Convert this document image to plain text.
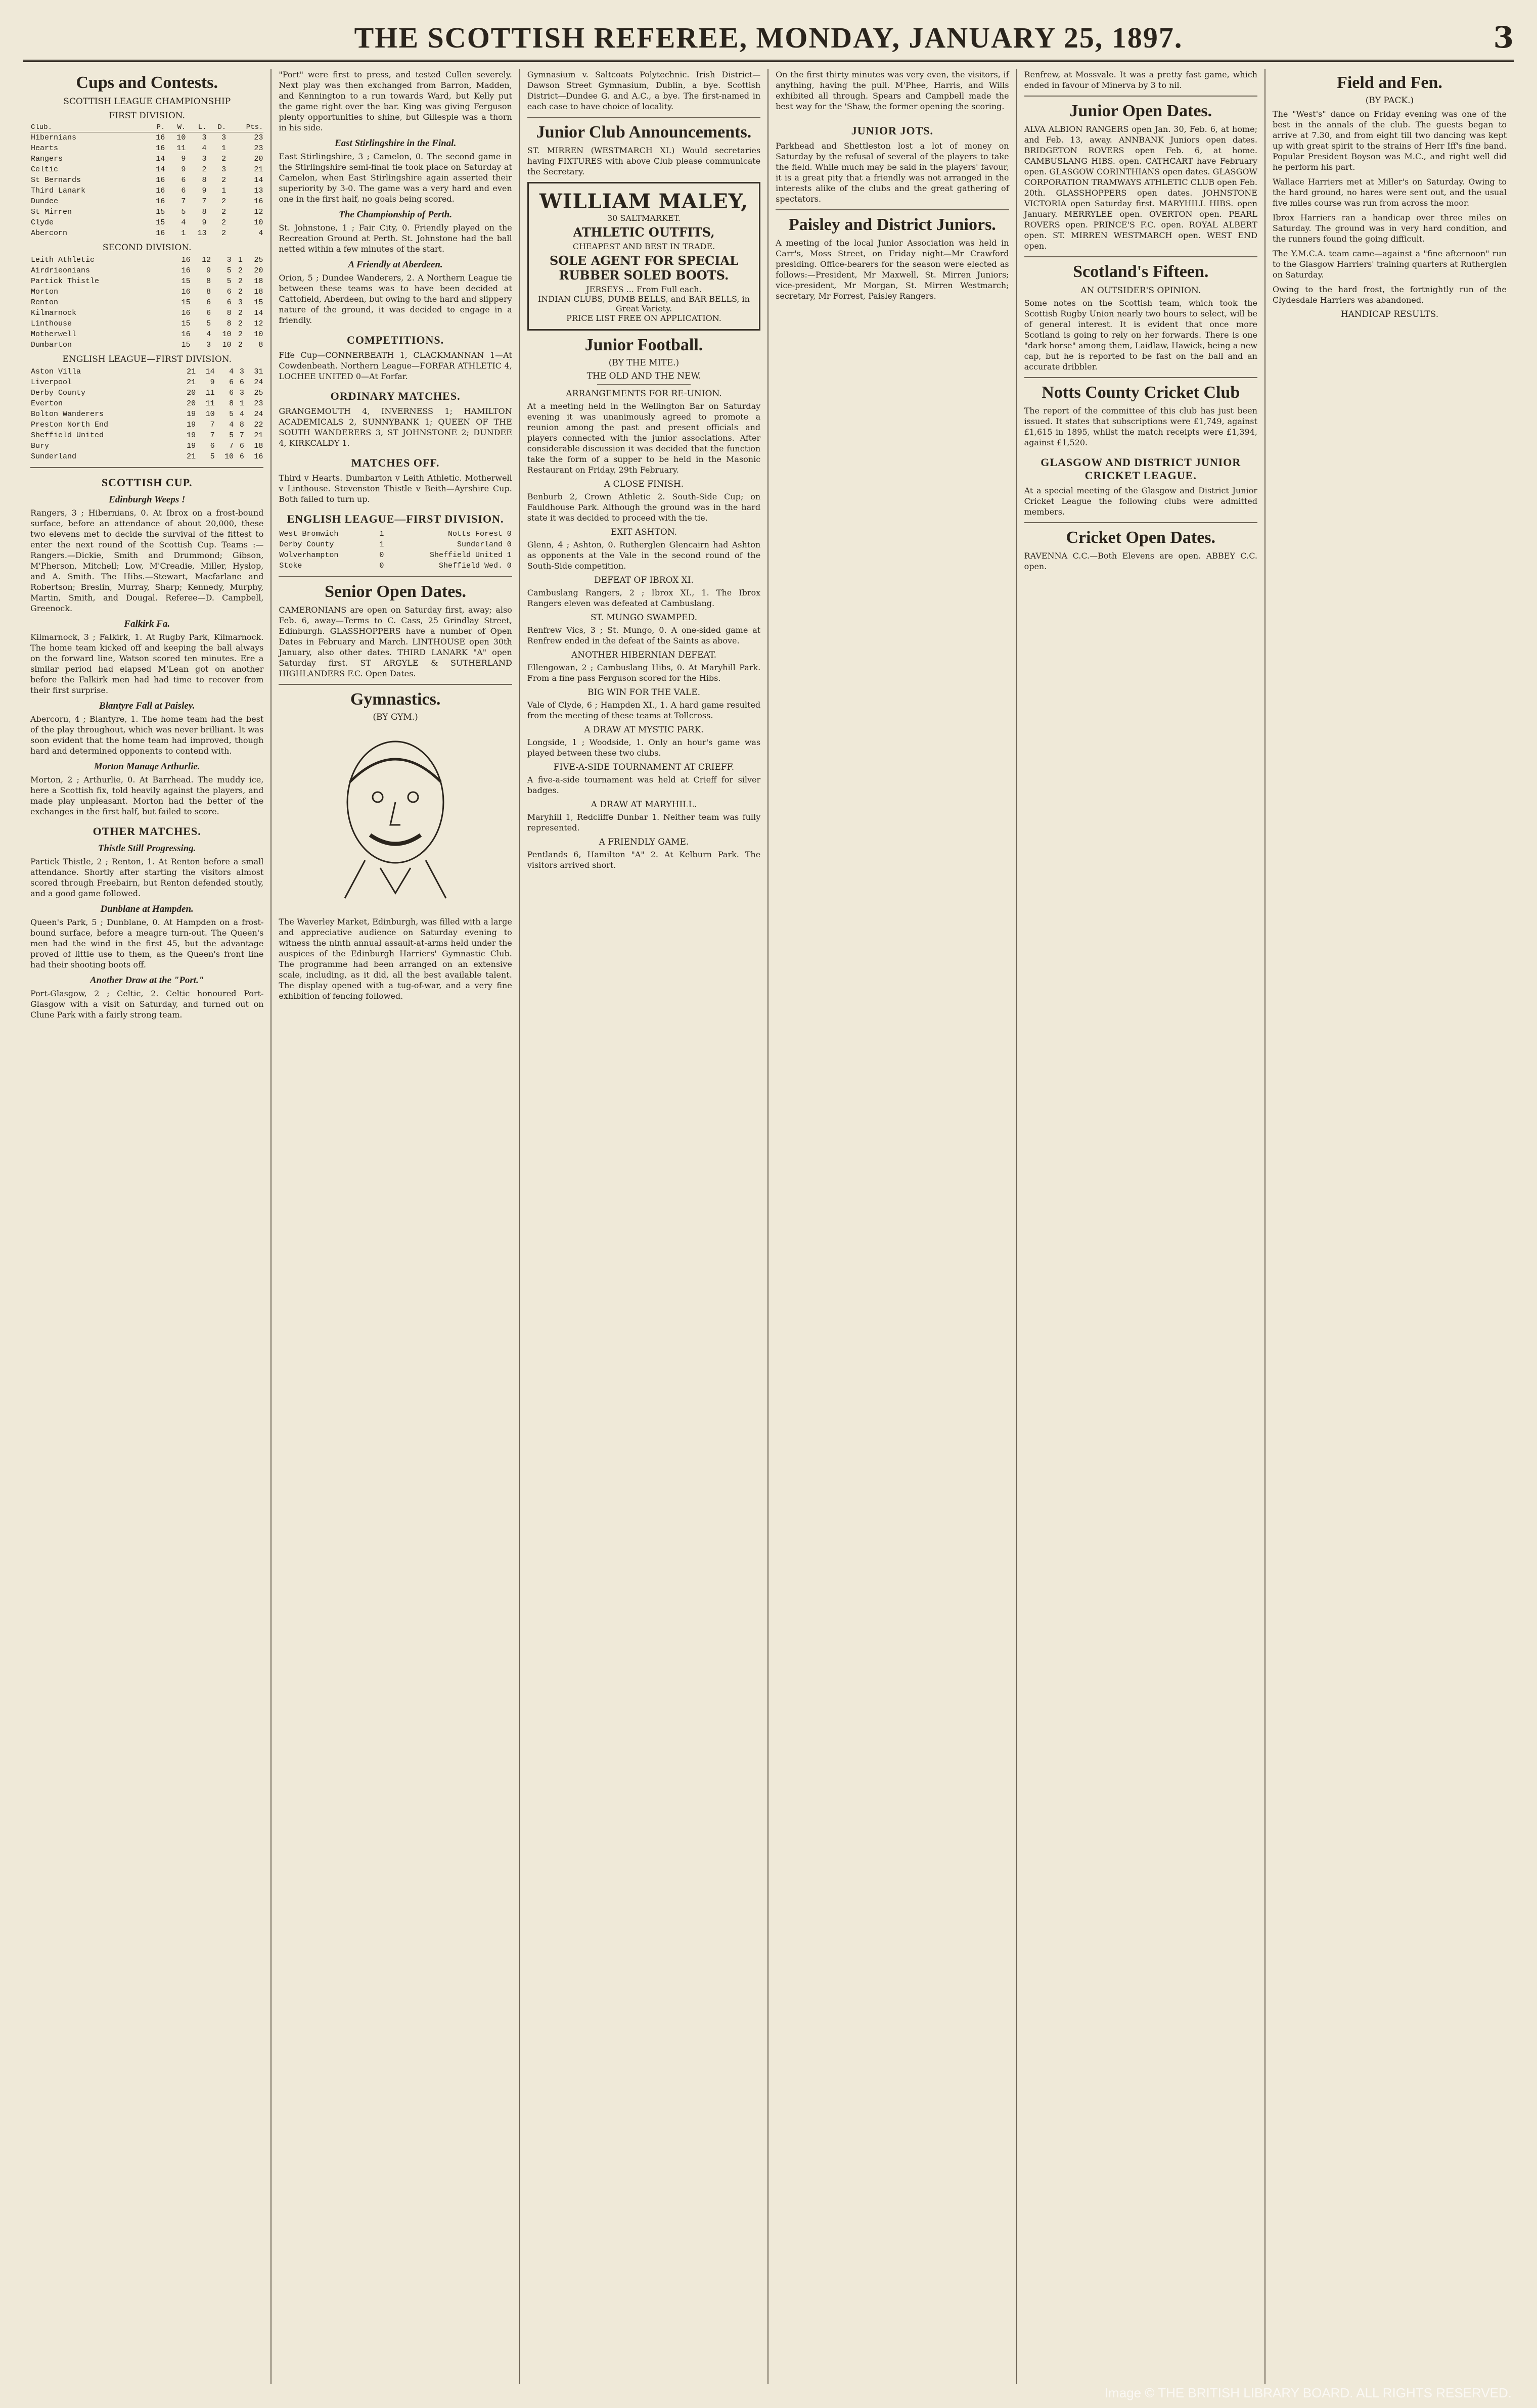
THE SCOTTISH REFEREE, MONDAY, JANUARY 25, 1897.	3
Cups and Contests.
SCOTTISH LEAGUE CHAMPIONSHIP
FIRST DIVISION.
Club.	P.	W.	L.	D.	Pts.
Hibernians	16	10	3	3	23
Hearts	16	11	4	1	23
Rangers	14	9	3	2	20
Celtic	14	9	2	3	21
St Bernards	16	6	8	2	14
Third Lanark	16	6	9	1	13
Dundee	16	7	7	2	16
St Mirren	15	5	8	2	12
Clyde	15	4	9	2	10
Abercorn	16	1	13	2	4
SECOND DIVISION.
Leith Athletic	16	12	3	1	25
Airdrieonians	16	9	5	2	20
Partick Thistle	15	8	5	2	18
Morton	16	8	6	2	18
Renton	15	6	6	3	15
Kilmarnock	16	6	8	2	14
Linthouse	15	5	8	2	12
Motherwell	16	4	10	2	10
Dumbarton	15	3	10	2	8
ENGLISH LEAGUE—FIRST DIVISION.
Aston Villa	21	14	4	3	31
Liverpool	21	9	6	6	24
Derby County	20	11	6	3	25
Everton	20	11	8	1	23
Bolton Wanderers	19	10	5	4	24
Preston North End	19	7	4	8	22
Sheffield United	19	7	5	7	21
Bury	19	6	7	6	18
Sunderland	21	5	10	6	16
SCOTTISH CUP.
Edinburgh Weeps !

Rangers, 3 ; Hibernians, 0. At Ibrox on a frost-bound surface, before an attendance of about 20,000, these two elevens met to decide the survival of the fittest to enter the next round of the Scottish Cup. Teams :—Rangers.—Dickie, Smith and Drummond; Gibson, M'Pherson, Mitchell; Low, M'Creadie, Miller, Hyslop, and A. Smith. The Hibs.—Stewart, Macfarlane and Robertson; Breslin, Murray, Sharp; Kennedy, Murphy, Martin, Smith, and Dougal. Referee—D. Campbell, Greenock.

Falkirk Fa.

Kilmarnock, 3 ; Falkirk, 1. At Rugby Park, Kilmarnock. The home team kicked off and keeping the ball always on the forward line, Watson scored ten minutes. Ere a similar period had elapsed M'Lean got on another before the Falkirk men had had time to recover from their first surprise.

Blantyre Fall at Paisley.

Abercorn, 4 ; Blantyre, 1. The home team had the best of the play throughout, which was never brilliant. It was soon evident that the home team had improved, though hard and determined opponents to contend with.

Morton Manage Arthurlie.

Morton, 2 ; Arthurlie, 0. At Barrhead. The muddy ice, here a Scottish fix, told heavily against the players, and made play unpleasant. Morton had the better of the exchanges in the first half, but failed to score.

OTHER MATCHES.
Thistle Still Progressing.

Partick Thistle, 2 ; Renton, 1. At Renton before a small attendance. Shortly after starting the visitors almost scored through Freebairn, but Renton defended stoutly, and a good game followed.

Dunblane at Hampden.

Queen's Park, 5 ; Dunblane, 0. At Hampden on a frost-bound surface, before a meagre turn-out. The Queen's men had the wind in the first 45, but the advantage proved of little use to them, as the Queen's front line had their shooting boots off.

Another Draw at the "Port."

Port-Glasgow, 2 ; Celtic, 2. Celtic honoured Port-Glasgow with a visit on Saturday, and turned out on Clune Park with a fairly strong team.

"Port" were first to press, and tested Cullen severely. Next play was then exchanged from Barron, Madden, and Kennington to a run towards Ward, but Kelly put the game right over the bar. King was giving Ferguson plenty opportunities to shine, but Gillespie was a thorn in his side.

East Stirlingshire in the Final.

East Stirlingshire, 3 ; Camelon, 0. The second game in the Stirlingshire semi-final tie took place on Saturday at Camelon, when East Stirlingshire again asserted their superiority by 3-0. The game was a very hard and even one in the first half, no goals being scored.

The Championship of Perth.

St. Johnstone, 1 ; Fair City, 0. Friendly played on the Recreation Ground at Perth. St. Johnstone had the ball netted within a few minutes of the start.

A Friendly at Aberdeen.

Orion, 5 ; Dundee Wanderers, 2. A Northern League tie between these teams was to have been decided at Cattofield, Aberdeen, but owing to the hard and slippery nature of the ground, it was decided to engage in a friendly.

COMPETITIONS.

Fife Cup—CONNERBEATH 1, CLACKMANNAN 1—At Cowdenbeath. Northern League—FORFAR ATHLETIC 4, LOCHEE UNITED 0—At Forfar.

ORDINARY MATCHES.

GRANGEMOUTH 4, INVERNESS 1; HAMILTON ACADEMICALS 2, SUNNYBANK 1; QUEEN OF THE SOUTH WANDERERS 3, ST JOHNSTONE 2; DUNDEE 4, KIRKCALDY 1.

MATCHES OFF.

Third v Hearts. Dumbarton v Leith Athletic. Motherwell v Linthouse. Stevenston Thistle v Beith—Ayrshire Cup. Both failed to turn up.

ENGLISH LEAGUE—FIRST DIVISION.
West Bromwich	1	Notts Forest	0
Derby County	1	Sunderland	0
Wolverhampton	0	Sheffield United	1
Stoke	0	Sheffield Wed.	0
Senior Open Dates.

CAMERONIANS are open on Saturday first, away; also Feb. 6, away—Terms to C. Cass, 25 Grindlay Street, Edinburgh. GLASSHOPPERS have a number of Open Dates in February and March. LINTHOUSE open 30th January, also other dates. THIRD LANARK "A" open Saturday first. ST ARGYLE & SUTHERLAND HIGHLANDERS F.C. Open Dates.

Gymnastics.
(BY GYM.)

The Waverley Market, Edinburgh, was filled with a large and appreciative audience on Saturday evening to witness the ninth annual assault-at-arms held under the auspices of the Edinburgh Harriers' Gymnastic Club. The programme had been arranged on an extensive scale, including, as it did, all the best available talent. The display opened with a tug-of-war, and a very fine exhibition of fencing followed.

Gymnasium v. Saltcoats Polytechnic. Irish District—Dawson Street Gymnasium, Dublin, a bye. Scottish District—Dundee G. and A.C., a bye. The first-named in each case to have choice of locality.

Junior Club Announcements.

ST. MIRREN (WESTMARCH XI.) Would secretaries having FIXTURES with above Club please communicate the Secretary.

WILLIAM MALEY,
30 SALTMARKET.
ATHLETIC OUTFITS,
CHEAPEST AND BEST IN TRADE.
SOLE AGENT FOR SPECIAL RUBBER SOLED BOOTS.
JERSEYS ... From Full each.
INDIAN CLUBS, DUMB BELLS, and BAR BELLS, in Great Variety.
PRICE LIST FREE ON APPLICATION.
Junior Football.
(BY THE MITE.)
THE OLD AND THE NEW.
ARRANGEMENTS FOR RE-UNION.

At a meeting held in the Wellington Bar on Saturday evening it was unanimously agreed to promote a reunion among the past and present officials and players connected with the junior associations. After considerable discussion it was decided that the function take the form of a supper to be held in the Masonic Restaurant on Friday, 29th February.

A CLOSE FINISH.

Benburb 2, Crown Athletic 2. South-Side Cup; on Fauldhouse Park. Although the ground was in the hard state it was decided to proceed with the tie.

EXIT ASHTON.

Glenn, 4 ; Ashton, 0. Rutherglen Glencairn had Ashton as opponents at the Vale in the second round of the South-Side competition.

DEFEAT OF IBROX XI.

Cambuslang Rangers, 2 ; Ibrox XI., 1. The Ibrox Rangers eleven was defeated at Cambuslang.

ST. MUNGO SWAMPED.

Renfrew Vics, 3 ; St. Mungo, 0. A one-sided game at Renfrew ended in the defeat of the Saints as above.

ANOTHER HIBERNIAN DEFEAT.

Ellengowan, 2 ; Cambuslang Hibs, 0. At Maryhill Park. From a fine pass Ferguson scored for the Hibs.

BIG WIN FOR THE VALE.

Vale of Clyde, 6 ; Hampden XI., 1. A hard game resulted from the meeting of these teams at Tollcross.

A DRAW AT MYSTIC PARK.

Longside, 1 ; Woodside, 1. Only an hour's game was played between these two clubs.

FIVE-A-SIDE TOURNAMENT AT CRIEFF.

A five-a-side tournament was held at Crieff for silver badges.

A DRAW AT MARYHILL.

Maryhill 1, Redcliffe Dunbar 1. Neither team was fully represented.

A FRIENDLY GAME.

Pentlands 6, Hamilton "A" 2. At Kelburn Park. The visitors arrived short.

On the first thirty minutes was very even, the visitors, if anything, having the pull. M'Phee, Harris, and Wills exhibited all through. Spears and Campbell made the best way for the 'Shaw, the former opening the scoring.

JUNIOR JOTS.

Parkhead and Shettleston lost a lot of money on Saturday by the refusal of several of the players to take the field. While much may be said in the players' favour, it is a great pity that a friendly was not arranged in the interests alike of the clubs and the great gathering of spectators.

Paisley and District Juniors.

A meeting of the local Junior Association was held in Carr's, Moss Street, on Friday night—Mr Crawford presiding. Office-bearers for the season were elected as follows:—President, Mr Maxwell, St. Mirren Juniors; vice-president, Mr Morgan, St. Mirren Westmarch; secretary, Mr Forrest, Paisley Rangers.

Renfrew, at Mossvale. It was a pretty fast game, which ended in favour of Minerva by 3 to nil.

Junior Open Dates.

ALVA ALBION RANGERS open Jan. 30, Feb. 6, at home; and Feb. 13, away. ANNBANK Juniors open dates. BRIDGETON ROVERS open Feb. 6, at home. CAMBUSLANG HIBS. open. CATHCART have February open. GLASGOW CORINTHIANS open dates. GLASGOW CORPORATION TRAMWAYS ATHLETIC CLUB open Feb. 20th. GLASSHOPPERS open dates. JOHNSTONE VICTORIA open Saturday first. MARYHILL HIBS. open January. MERRYLEE open. OVERTON open. PEARL ROVERS open. PRINCE'S F.C. open. ROYAL ALBERT open. ST. MIRREN WESTMARCH open. WEST END open.

Scotland's Fifteen.
AN OUTSIDER'S OPINION.

Some notes on the Scottish team, which took the Scottish Rugby Union nearly two hours to select, will be of general interest. It is evident that once more Scotland is going to rely on her forwards. There is one "dark horse" among them, Laidlaw, Hawick, being a new cap, but he is reported to be fast on the ball and an accurate dribbler.

Notts County Cricket Club

The report of the committee of this club has just been issued. It states that subscriptions were £1,749, against £1,615 in 1895, whilst the match receipts were £1,394, against £1,520.

GLASGOW AND DISTRICT JUNIOR CRICKET LEAGUE.

At a special meeting of the Glasgow and District Junior Cricket League the following clubs were admitted members.

Cricket Open Dates.

RAVENNA C.C.—Both Elevens are open. ABBEY C.C. open.

Field and Fen.
(BY PACK.)

The "West's" dance on Friday evening was one of the best in the annals of the club. The guests began to arrive at 7.30, and from eight till two dancing was kept up with great spirit to the strains of Herr Iff's fine band. Popular President Boyson was M.C., and right well did he perform his part.

Wallace Harriers met at Miller's on Saturday. Owing to the hard ground, no hares were sent out, and the usual five miles course was run from across the moor.

Ibrox Harriers ran a handicap over three miles on Saturday. The ground was in very hard condition, and the runners found the going difficult.

The Y.M.C.A. team came—against a "fine afternoon" run to the Glasgow Harriers' training quarters at Rutherglen on Saturday.

Owing to the hard frost, the fortnightly run of the Clydesdale Harriers was abandoned.

HANDICAP RESULTS.
Image © THE BRITISH LIBRARY BOARD. ALL RIGHTS RESERVED.
